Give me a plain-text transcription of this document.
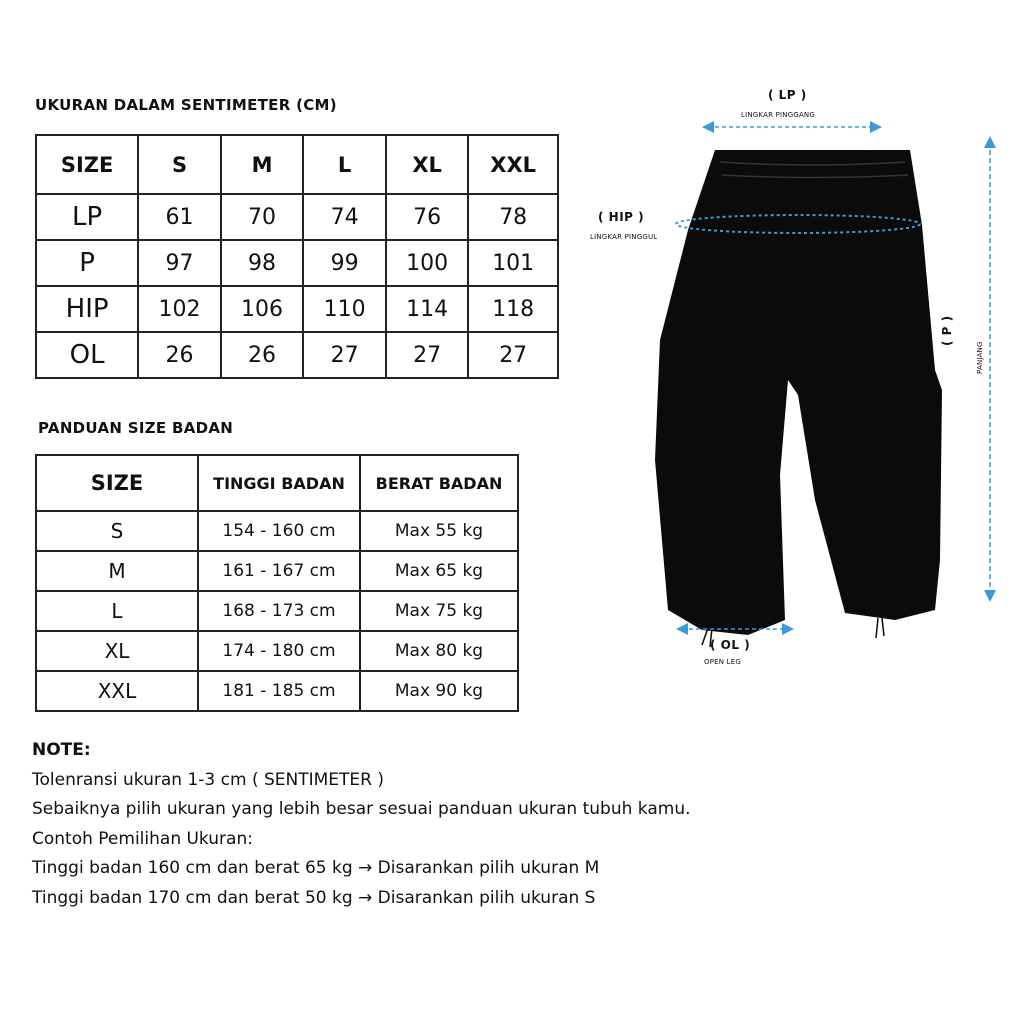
UKURAN DALAM SENTIMETER (CM)
SIZE	S	M	L	XL	XXL
LP	61	70	74	76	78
P	97	98	99	100	101
HIP	102	106	110	114	118
OL	26	26	27	27	27
PANDUAN SIZE BADAN
SIZE	TINGGI BADAN	BERAT BADAN
S	154 - 160 cm	Max 55 kg
M	161 - 167 cm	Max 65 kg
L	168 - 173 cm	Max 75 kg
XL	174 - 180 cm	Max 80 kg
XXL	181 - 185 cm	Max 90 kg
NOTE:
Tolenransi ukuran 1-3 cm ( SENTIMETER )
Sebaiknya pilih ukuran yang lebih besar sesuai panduan ukuran tubuh kamu.
Contoh Pemilihan Ukuran:
Tinggi badan 160 cm dan berat 65 kg → Disarankan pilih ukuran M
Tinggi badan 170 cm dan berat 50 kg → Disarankan pilih ukuran S
( LP )
LINGKAR PINGGANG
( HIP )
LINGKAR PINGGUL
( P )
PANJANG
( OL )
OPEN LEG
